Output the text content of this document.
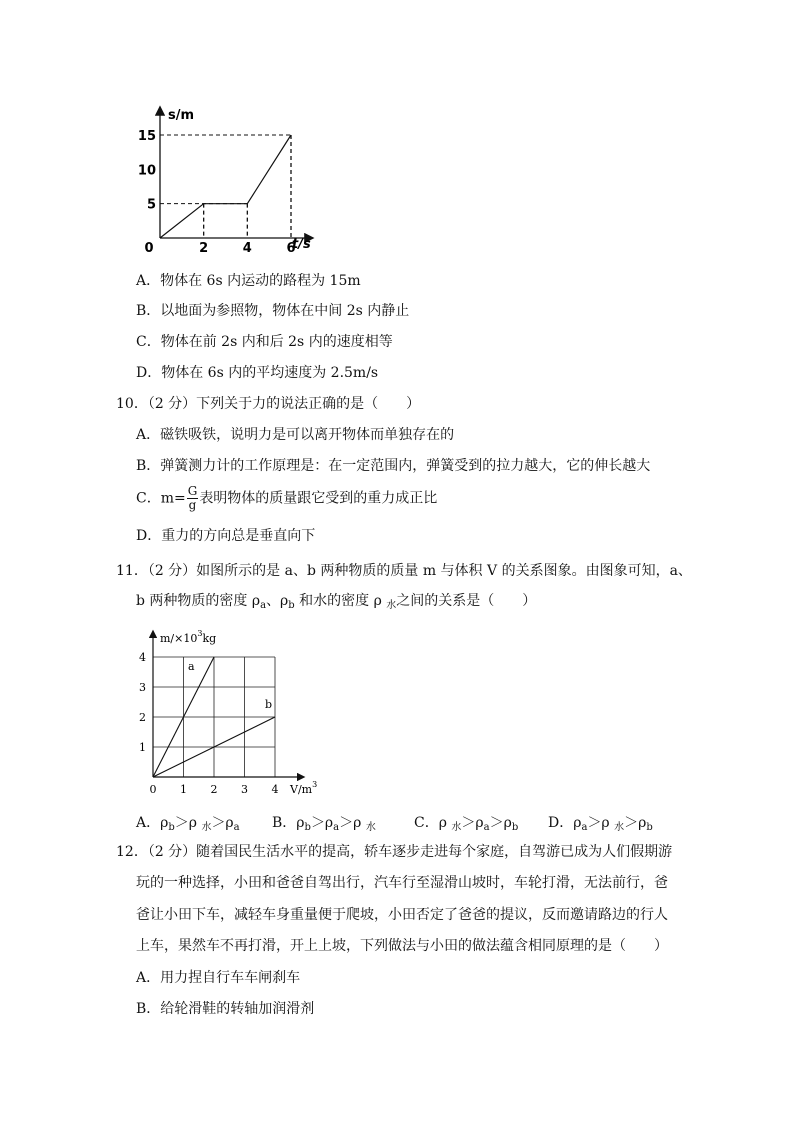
15
10
5
0	2	4	6
s/m
t/s
A．物体在 6s 内运动的路程为 15m
B．以地面为参照物，物体在中间 2s 内静止
C．物体在前 2s 内和后 2s 内的速度相等
D．物体在 6s 内的平均速度为 2.5m/s
10．（2 分）下列关于力的说法正确的是（　　）
A．磁铁吸铁，说明力是可以离开物体而单独存在的
B．弹簧测力计的工作原理是：在一定范围内，弹簧受到的拉力越大，它的伸长越大
C．$m= \frac{G}{g}$ 表明物体的质量跟它受到的重力成正比
D．重力的方向总是垂直向下
11．（2 分）如图所示的是 a、b 两种物质的质量 m 与体积 V 的关系图象。由图象可知，a、
b 两种物质的密度 $\rho_a$、$\rho_b$ 和水的密度 ρ $_水$之间的关系是（　　）
4
3
2
1
0 1 2 3 4
$m/\times 10^3kg$
$V/m^3$
a
b
A．$\rho_b>\rho$ $_水>\rho_a$ B．$\rho_b>\rho_a>\rho$ $_水$	C．ρ $_水>\rho_a>\rho_b$ D．$\rho_a>\rho$ $_水>\rho_b$
12．（2 分）随着国民生活水平的提高，轿车逐步走进每个家庭，自驾游已成为人们假期游
玩的一种选择，小田和爸爸自驾出行，汽车行至湿滑山坡时，车轮打滑，无法前行，爸
爸让小田下车，减轻车身重量便于爬坡，小田否定了爸爸的提议，反而邀请路边的行人
上车，果然车不再打滑，开上上坡，下列做法与小田的做法蕴含相同原理的是（　　）
A．用力捏自行车车闸刹车
B．给轮滑鞋的转轴加润滑剂
